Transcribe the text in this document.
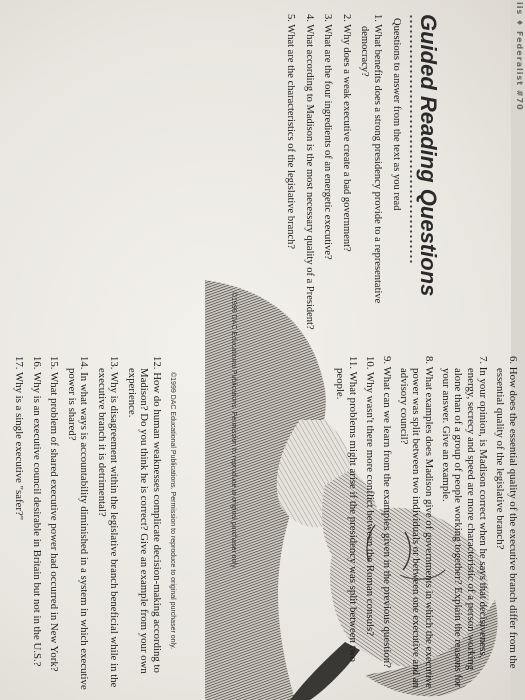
iis ♦ Federalist #70
Guided Reading Questions
Questions to answer from the text as you read

1. What benefits does a strong presidency provide to a representative democracy?

2. Why does a weak executive create a bad government?

3. What are the four ingredients of an energetic executive?

4. What according to Madison is the most necessary quality of a President?

5. What are the characteristics of the legislative branch?

©1999 DAC Educational Publications. Permission to reproduce to original purchaser only.	6. How does the essential quality of the executive branch differ from the essential quality of the legislative branch?

7. In your opinion, is Madison correct when he says that decisiveness, energy, secrecy and speed are more characteristic of a person working alone than of a group of people working together? Explain the reasons for your answer. Give an example.

8. What examples does Madison give of governments in which the executive power was split between two individuals or between one executive and an advisory council?

9. What can we learn from the examples given in the previous question?

10. Why wasn't there more conflict between the Roman consuls?

11. What problems might arise if the presidency was split between two people.

©1999 DAC Educational Publications. Permission to reproduce to original purchaser only.

12. How do human weaknesses complicate decision-making according to Madison? Do you think he is correct? Give an example from your own experience.

13. Why is disagreement within the legislative branch beneficial while in the executive branch it is detrimental?

14. In what ways is accountability diminished in a system in which executive power is shared?

15. What problem of shared executive power had occurred in New York?

16. Why is an executive council desirable in Britain but not in the U.S.?

17. Why is a single executive "safer?"
